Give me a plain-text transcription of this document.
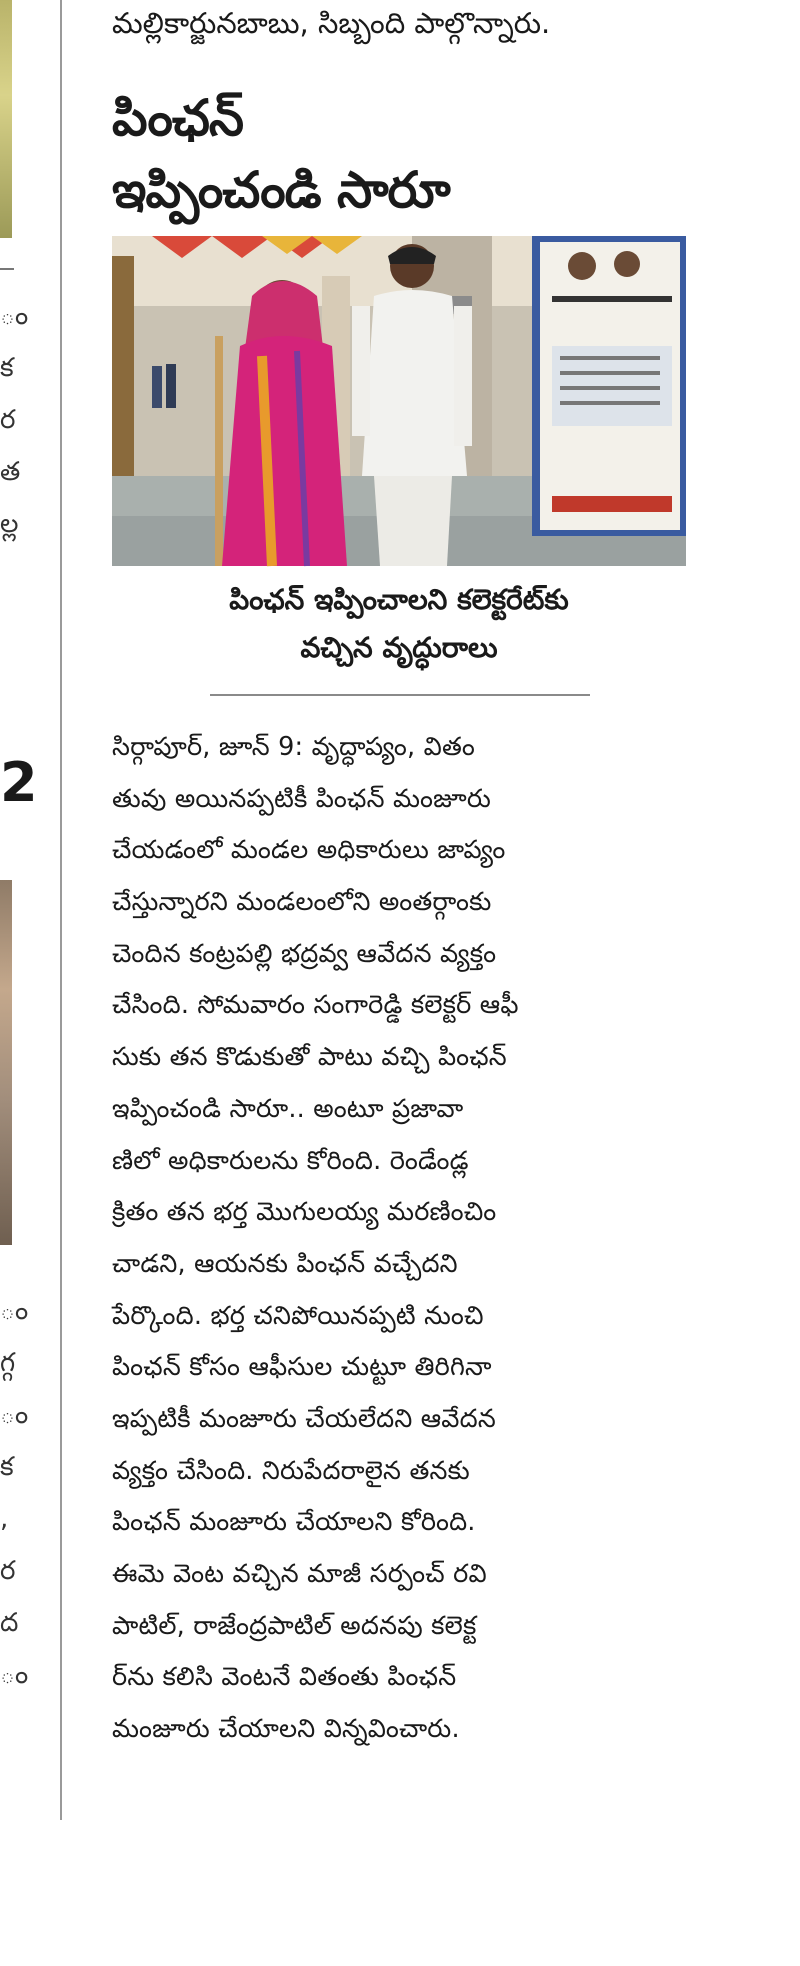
ం
క
ర
త
ల్ల
2
ం
గ్గ
ం
క
,
ర
ద
ం
మల్లికార్జునబాబు, సిబ్బంది పాల్గొన్నారు.
పింఛన్
ఇప్పించండి సారూ
పింఛన్ ఇప్పించాలని కలెక్టరేట్‌కు
వచ్చిన వృద్ధురాలు
సిర్గాపూర్, జూన్ 9: వృద్ధాప్యం, వితం
తువు అయినప్పటికీ పింఛన్ మంజూరు
చేయడంలో మండల అధికారులు జాప్యం
చేస్తున్నారని మండలంలోని అంతర్గాంకు
చెందిన కంట్రపల్లి భద్రవ్వ ఆవేదన వ్యక్తం
చేసింది. సోమవారం సంగారెడ్డి కలెక్టర్ ఆఫీ
సుకు తన కొడుకుతో పాటు వచ్చి పింఛన్
ఇప్పించండి సారూ.. అంటూ ప్రజావా
ణిలో అధికారులను కోరింది. రెండేండ్ల
క్రితం తన భర్త మొగులయ్య మరణించిం
చాడని, ఆయనకు పింఛన్ వచ్చేదని
పేర్కొంది. భర్త చనిపోయినప్పటి నుంచి
పింఛన్ కోసం ఆఫీసుల చుట్టూ తిరిగినా
ఇప్పటికీ మంజూరు చేయలేదని ఆవేదన
వ్యక్తం చేసింది. నిరుపేదరాలైన తనకు
పింఛన్ మంజూరు చేయాలని కోరింది.
ఈమె వెంట వచ్చిన మాజీ సర్పంచ్ రవి
పాటిల్, రాజేంద్రపాటిల్ అదనపు కలెక్ట
ర్‌ను కలిసి వెంటనే వితంతు పింఛన్
మంజూరు చేయాలని విన్నవించారు.
